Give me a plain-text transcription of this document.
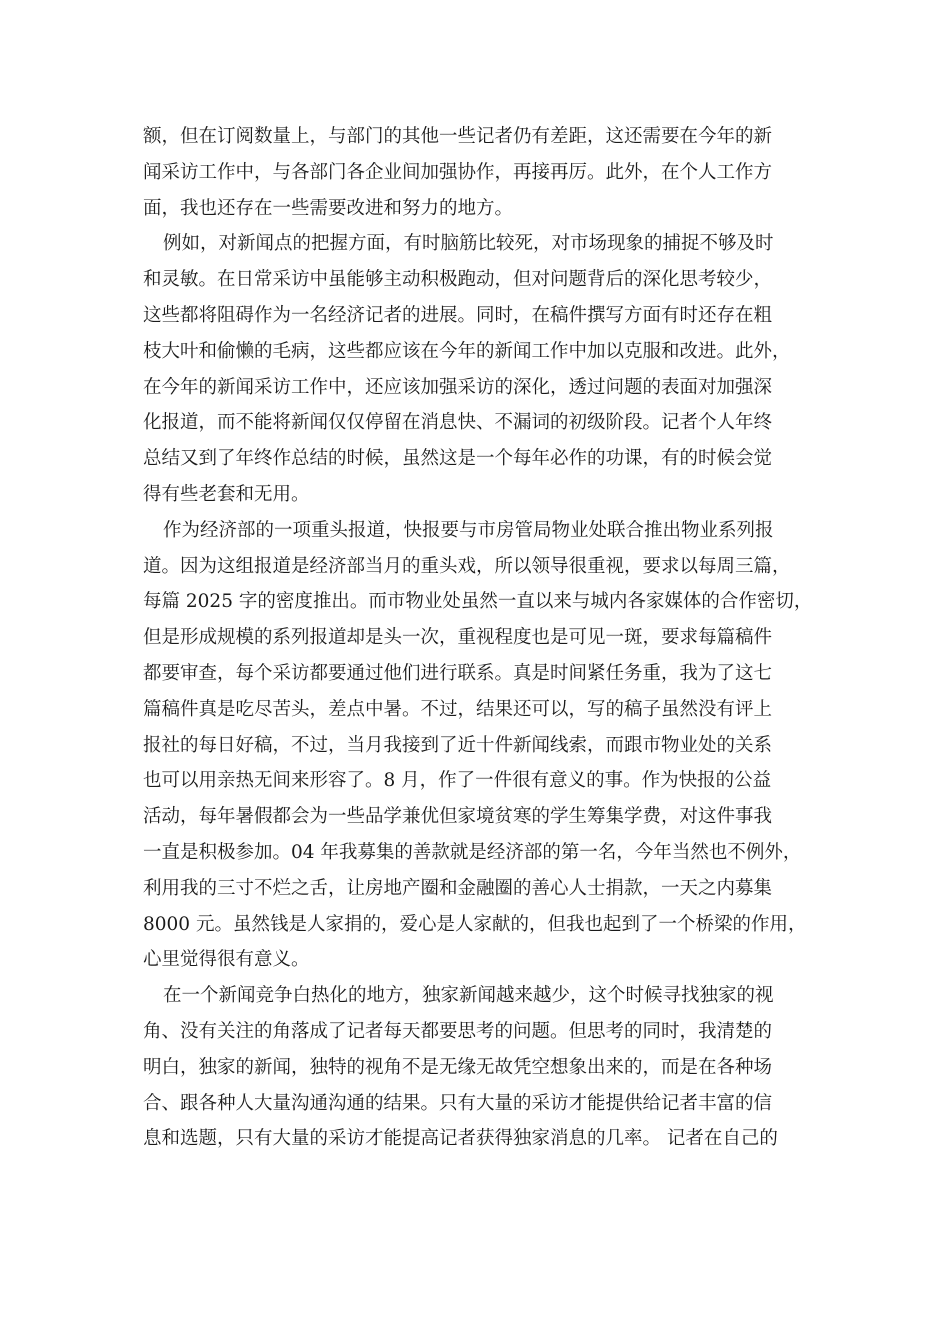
额，但在订阅数量上，与部门的其他一些记者仍有差距，这还需要在今年的新
闻采访工作中，与各部门各企业间加强协作，再接再厉。此外，在个人工作方
面，我也还存在一些需要改进和努力的地方。
例如，对新闻点的把握方面，有时脑筋比较死，对市场现象的捕捉不够及时
和灵敏。在日常采访中虽能够主动积极跑动，但对问题背后的深化思考较少，
这些都将阻碍作为一名经济记者的进展。同时，在稿件撰写方面有时还存在粗
枝大叶和偷懒的毛病，这些都应该在今年的新闻工作中加以克服和改进。此外，
在今年的新闻采访工作中，还应该加强采访的深化，透过问题的表面对加强深
化报道，而不能将新闻仅仅停留在消息快、不漏词的初级阶段。记者个人年终
总结又到了年终作总结的时候，虽然这是一个每年必作的功课，有的时候会觉
得有些老套和无用。
作为经济部的一项重头报道，快报要与市房管局物业处联合推出物业系列报
道。因为这组报道是经济部当月的重头戏，所以领导很重视，要求以每周三篇，
每篇 2025 字的密度推出。而市物业处虽然一直以来与城内各家媒体的合作密切，
但是形成规模的系列报道却是头一次，重视程度也是可见一斑，要求每篇稿件
都要审查，每个采访都要通过他们进行联系。真是时间紧任务重，我为了这七
篇稿件真是吃尽苦头，差点中暑。不过，结果还可以，写的稿子虽然没有评上
报社的每日好稿，不过，当月我接到了近十件新闻线索，而跟市物业处的关系
也可以用亲热无间来形容了。8 月，作了一件很有意义的事。作为快报的公益
活动，每年暑假都会为一些品学兼优但家境贫寒的学生筹集学费，对这件事我
一直是积极参加。04 年我募集的善款就是经济部的第一名，今年当然也不例外，
利用我的三寸不烂之舌，让房地产圈和金融圈的善心人士捐款，一天之内募集
8000 元。虽然钱是人家捐的，爱心是人家献的，但我也起到了一个桥梁的作用，
心里觉得很有意义。
在一个新闻竞争白热化的地方，独家新闻越来越少，这个时候寻找独家的视
角、没有关注的角落成了记者每天都要思考的问题。但思考的同时，我清楚的
明白，独家的新闻，独特的视角不是无缘无故凭空想象出来的，而是在各种场
合、跟各种人大量沟通沟通的结果。只有大量的采访才能提供给记者丰富的信
息和选题，只有大量的采访才能提高记者获得独家消息的几率。 记者在自己的
